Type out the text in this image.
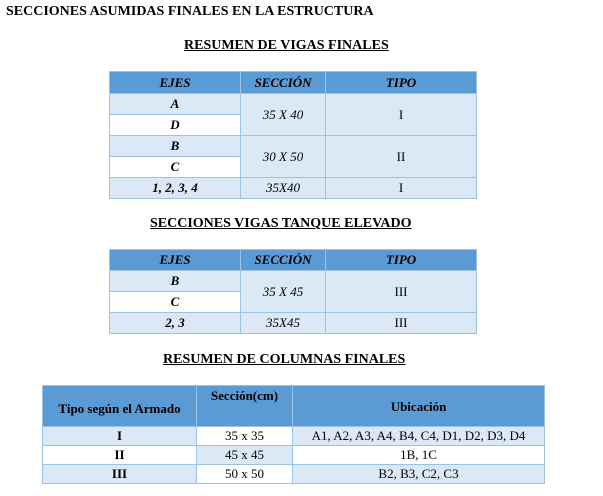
SECCIONES ASUMIDAS FINALES EN LA ESTRUCTURA
RESUMEN DE VIGAS FINALES
EJES	SECCIÓN	TIPO
A	35 X 40	I
D		
B	30 X 50	II
C		
1, 2, 3, 4	35X40	I
SECCIONES VIGAS TANQUE ELEVADO
EJES	SECCIÓN	TIPO
B	35 X 45	III
C		
2, 3	35X45	III
RESUMEN DE COLUMNAS FINALES
Tipo según el Armado	Sección(cm)	Ubicación
I	35 x 35	A1, A2, A3, A4, B4, C4, D1, D2, D3, D4
II	45 x 45	1B, 1C
III	50 x 50	B2, B3, C2, C3
